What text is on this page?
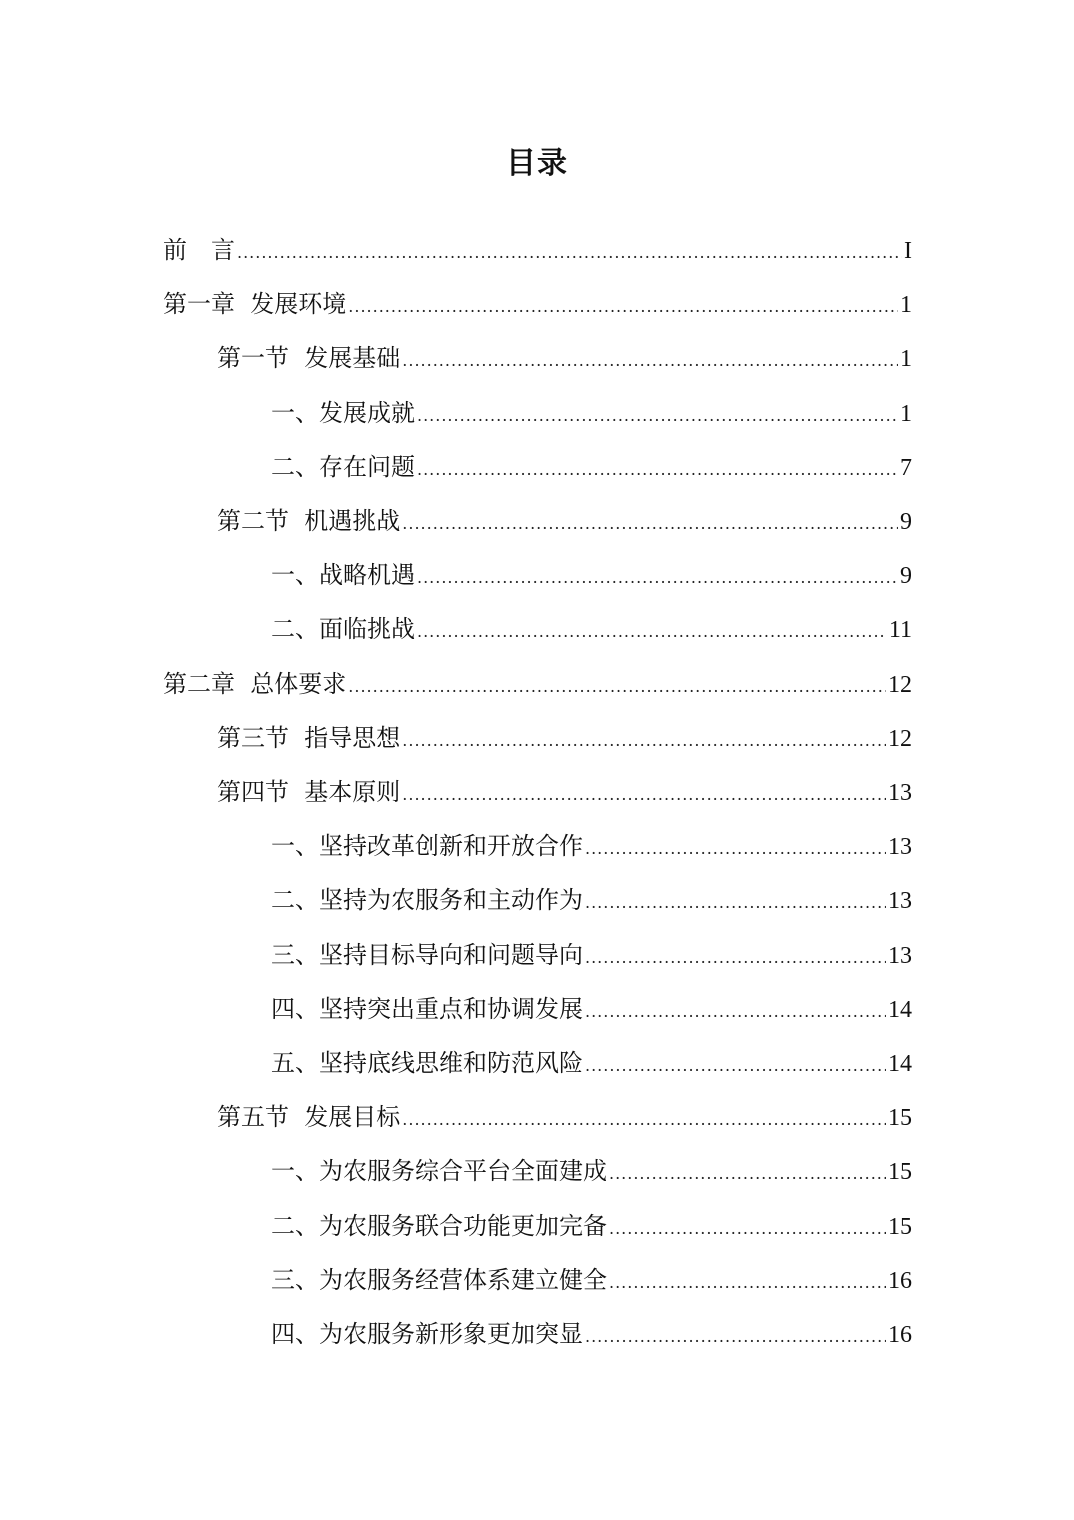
目录
前　言 .....	I
第一章  发展环境 .....	1
第一节  发展基础 .....	1
一、发展成就 .....	1
二、存在问题 .....	7
第二节  机遇挑战 .....	9
一、战略机遇 .....	9
二、面临挑战 .....	11
第二章  总体要求 .....	12
第三节  指导思想 .....	12
第四节  基本原则 .....	13
一、坚持改革创新和开放合作 .....	13
二、坚持为农服务和主动作为 .....	13
三、坚持目标导向和问题导向 .....	13
四、坚持突出重点和协调发展 .....	14
五、坚持底线思维和防范风险 .....	14
第五节  发展目标 .....	15
一、为农服务综合平台全面建成 .....	15
二、为农服务联合功能更加完备 .....	15
三、为农服务经营体系建立健全 .....	16
四、为农服务新形象更加突显 .....	16
